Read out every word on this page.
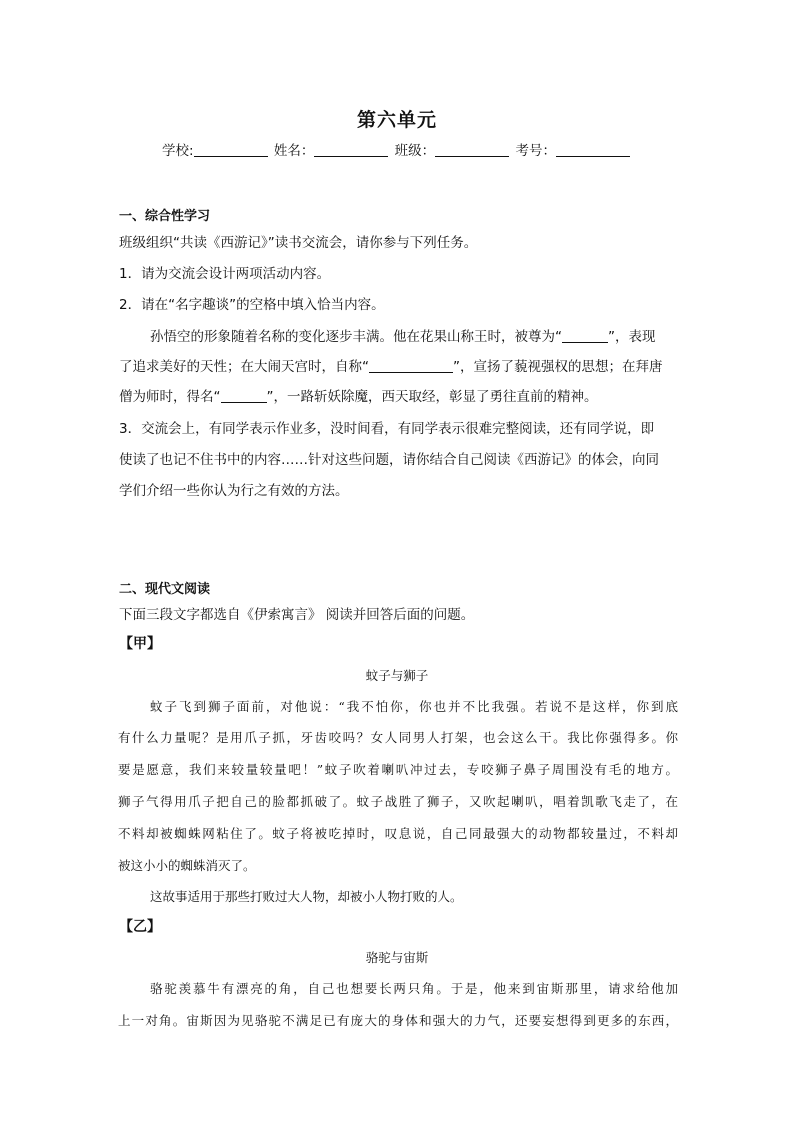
第六单元
学校:	姓名：	班级：	考号：
一、综合性学习
班级组织“共读《西游记》”读书交流会，请你参与下列任务。
1．请为交流会设计两项活动内容。
2．请在“名字趣谈”的空格中填入恰当内容。
孙悟空的形象随着名称的变化逐步丰满。他在花果山称王时，被尊为“	”，表现
了追求美好的天性；在大闹天宫时，自称“	”，宣扬了藐视强权的思想；在拜唐
僧为师时，得名“	”，一路斩妖除魔，西天取经，彰显了勇往直前的精神。
3．交流会上，有同学表示作业多，没时间看，有同学表示很难完整阅读，还有同学说，即
使读了也记不住书中的内容……针对这些问题，请你结合自己阅读《西游记》的体会，向同
学们介绍一些你认为行之有效的方法。
二、现代文阅读
下面三段文字都选自《伊索寓言》 阅读并回答后面的问题。
【甲】
蚊子与狮子
蚊子飞到狮子面前，对他说：“我不怕你，你也并不比我强。若说不是这样，你到底
有什么力量呢？是用爪子抓，牙齿咬吗？女人同男人打架，也会这么干。我比你强得多。你
要是愿意，我们来较量较量吧！”蚊子吹着喇叭冲过去，专咬狮子鼻子周围没有毛的地方。
狮子气得用爪子把自己的脸都抓破了。蚊子战胜了狮子，又吹起喇叭，唱着凯歌飞走了，在
不料却被蜘蛛网粘住了。蚊子将被吃掉时，叹息说，自己同最强大的动物都较量过，不料却
被这小小的蜘蛛消灭了。
这故事适用于那些打败过大人物，却被小人物打败的人。
【乙】
骆驼与宙斯
骆驼羡慕牛有漂亮的角，自己也想要长两只角。于是，他来到宙斯那里，请求给他加
上一对角。宙斯因为见骆驼不满足已有庞大的身体和强大的力气，还要妄想得到更多的东西，
